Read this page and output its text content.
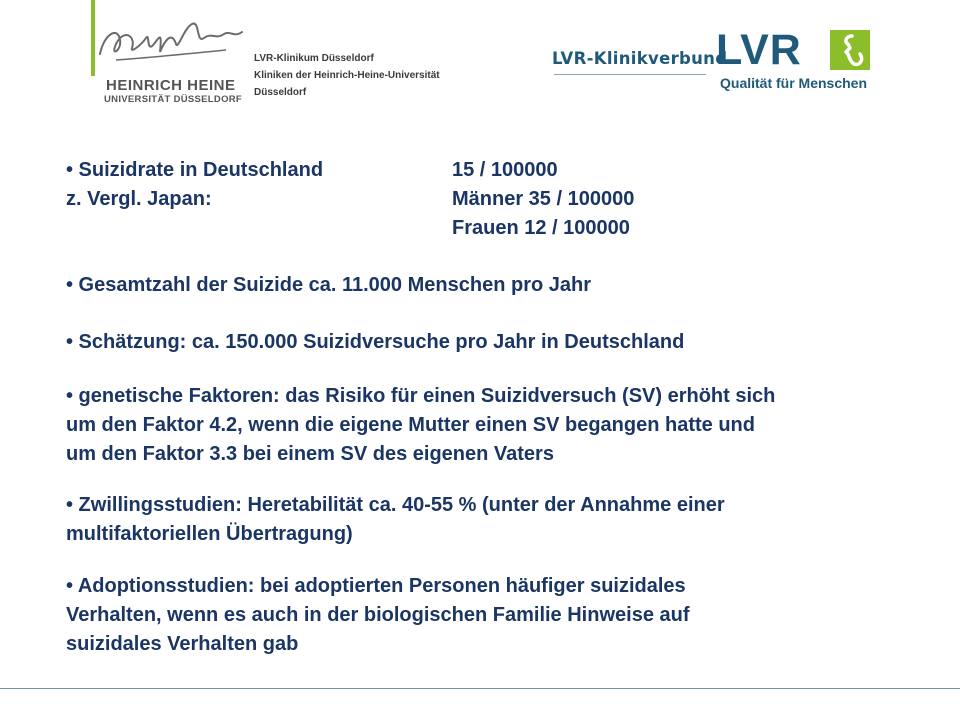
HEINRICH HEINE
UNIVERSITÄT DÜSSELDORF
LVR-Klinikum Düsseldorf
Kliniken der Heinrich-Heine-Universität
Düsseldorf
LVR-Klinikverbund
LVR
Qualität für Menschen
• Suizidrate in Deutschland	15 / 100000
z. Vergl. Japan:	Männer 35 / 100000
Frauen 12 / 100000
• Gesamtzahl der Suizide ca. 11.000 Menschen pro Jahr
• Schätzung: ca. 150.000 Suizidversuche pro Jahr in Deutschland
• genetische Faktoren: das Risiko für einen Suizidversuch (SV) erhöht sich
um den Faktor 4.2, wenn die eigene Mutter einen SV begangen hatte und
um den Faktor 3.3 bei einem SV des eigenen Vaters
• Zwillingsstudien: Heretabilität ca. 40-55 % (unter der Annahme einer
multifaktoriellen Übertragung)
• Adoptionsstudien: bei adoptierten Personen häufiger suizidales
Verhalten, wenn es auch in der biologischen Familie Hinweise auf
suizidales Verhalten gab
